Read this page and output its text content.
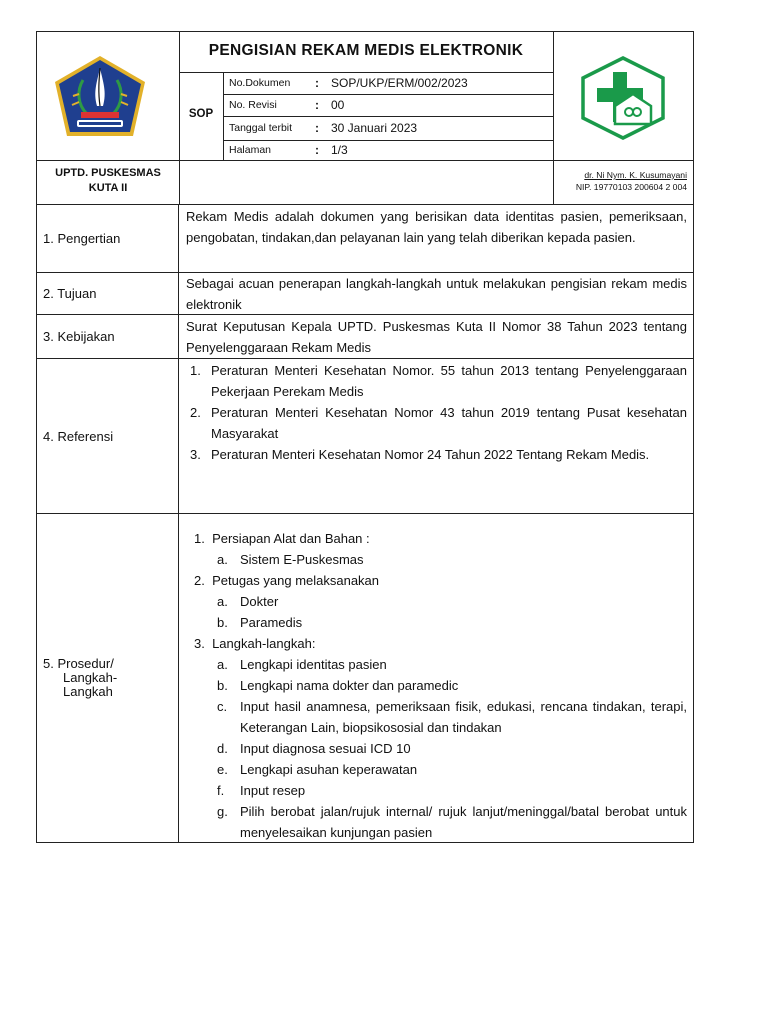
PENGISIAN REKAM MEDIS ELEKTRONIK
SOP
No.Dokumen : SOP/UKP/ERM/002/2023
No. Revisi	: 00
Tanggal terbit : 30 Januari 2023
Halaman	: 1/3
UPTD. PUSKESMAS
KUTA II
dr. Ni Nym. K. Kusumayani
NIP. 19770103 200604 2 004
1. Pengertian
Rekam Medis adalah dokumen yang berisikan data identitas pasien, pemeriksaan, pengobatan, tindakan,dan pelayanan lain yang telah diberikan kepada pasien.
2. Tujuan
Sebagai acuan penerapan langkah-langkah untuk melakukan pengisian rekam medis elektronik
3. Kebijakan
Surat Keputusan Kepala UPTD. Puskesmas Kuta II Nomor 38 Tahun 2023 tentang Penyelenggaraan Rekam Medis
4. Referensi
1. Peraturan Menteri Kesehatan Nomor. 55 tahun 2013 tentang Penyelenggaraan Pekerjaan Perekam Medis
2. Peraturan Menteri Kesehatan Nomor 43 tahun 2019 tentang Pusat kesehatan Masyarakat
3. Peraturan Menteri Kesehatan Nomor 24 Tahun 2022 Tentang Rekam Medis.
5. Prosedur/
Langkah-
Langkah
1. Persiapan Alat dan Bahan :
a. Sistem E-Puskesmas
2. Petugas yang melaksanakan
a. Dokter
b. Paramedis
3. Langkah-langkah:
a. Lengkapi identitas pasien
b. Lengkapi nama dokter dan paramedic
c. Input hasil anamnesa, pemeriksaan fisik, edukasi, rencana tindakan, terapi, Keterangan Lain, biopsikososial dan tindakan
d. Input diagnosa sesuai ICD 10
e. Lengkapi asuhan keperawatan
f. Input resep
g. Pilih berobat jalan/rujuk internal/ rujuk lanjut/meninggal/batal berobat untuk menyelesaikan kunjungan pasien
